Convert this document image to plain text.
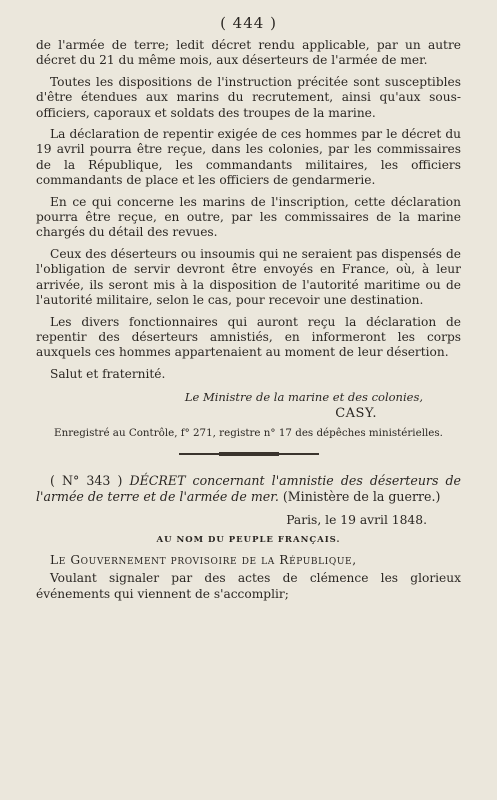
( 444 )

de l'armée de terre; ledit décret rendu applicable, par un autre décret du 21 du même mois, aux déserteurs de l'armée de mer.

Toutes les dispositions de l'instruction précitée sont susceptibles d'être étendues aux marins du recrutement, ainsi qu'aux sous-officiers, caporaux et soldats des troupes de la marine.

La déclaration de repentir exigée de ces hommes par le décret du 19 avril pourra être reçue, dans les colonies, par les commissaires de la République, les commandants militaires, les officiers commandants de place et les officiers de gendarmerie.

En ce qui concerne les marins de l'inscription, cette déclaration pourra être reçue, en outre, par les commissaires de la marine chargés du détail des revues.

Ceux des déserteurs ou insoumis qui ne seraient pas dispensés de l'obligation de servir devront être envoyés en France, où, à leur arrivée, ils seront mis à la disposition de l'autorité maritime ou de l'autorité militaire, selon le cas, pour recevoir une destination.

Les divers fonctionnaires qui auront reçu la déclaration de repentir des déserteurs amnistiés, en informeront les corps auxquels ces hommes appartenaient au moment de leur désertion.

Salut et fraternité.

Le Ministre de la marine et des colonies,
CASY.
Enregistré au Contrôle, f° 271, registre n° 17 des dépêches ministérielles.

( N° 343 ) DÉCRET concernant l'amnistie des déserteurs de l'armée de terre et de l'armée de mer. (Ministère de la guerre.)

Paris, le 19 avril 1848.
AU NOM DU PEUPLE FRANÇAIS.
Le Gouvernement provisoire de la République,

Voulant signaler par des actes de clémence les glorieux événements qui viennent de s'accomplir;
